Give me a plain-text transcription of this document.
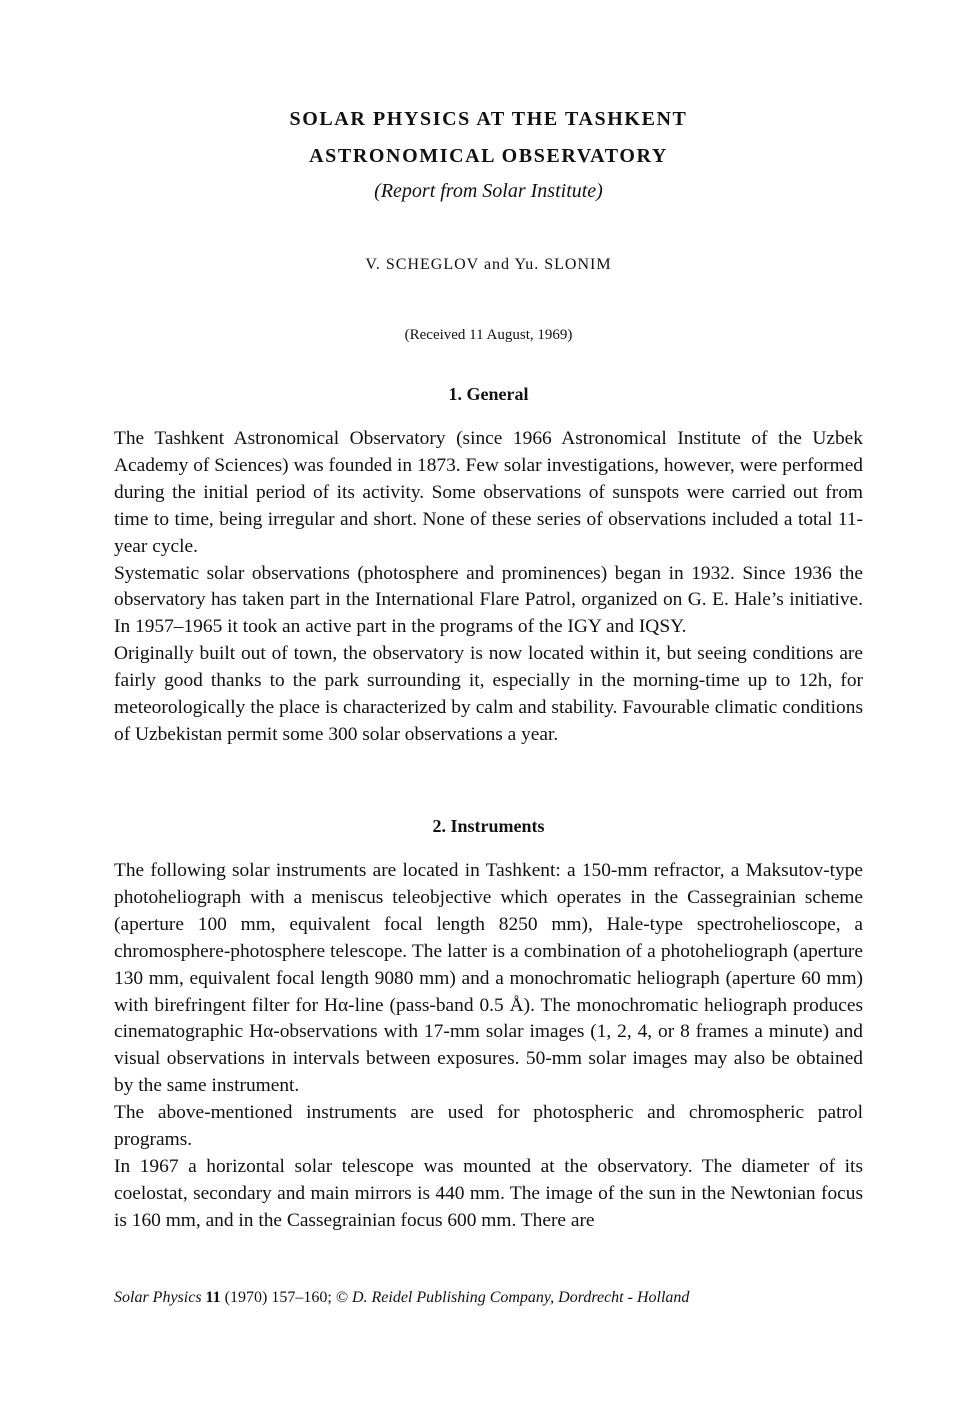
SOLAR PHYSICS AT THE TASHKENT
ASTRONOMICAL OBSERVATORY
(Report from Solar Institute)
V. SCHEGLOV and Yu. SLONIM
(Received 11 August, 1969)
1. General

The Tashkent Astronomical Observatory (since 1966 Astronomical Institute of the Uzbek Academy of Sciences) was founded in 1873. Few solar investigations, however, were performed during the initial period of its activity. Some observations of sunspots were carried out from time to time, being irregular and short. None of these series of observations included a total 11-year cycle.

Systematic solar observations (photosphere and prominences) began in 1932. Since 1936 the observatory has taken part in the International Flare Patrol, organized on G. E. Hale’s initiative. In 1957–1965 it took an active part in the programs of the IGY and IQSY.

Originally built out of town, the observatory is now located within it, but seeing conditions are fairly good thanks to the park surrounding it, especially in the morning-time up to 12h, for meteorologically the place is characterized by calm and stability. Favourable climatic conditions of Uzbekistan permit some 300 solar observations a year.

2. Instruments

The following solar instruments are located in Tashkent: a 150-mm refractor, a Maksutov-type photoheliograph with a meniscus teleobjective which operates in the Cassegrainian scheme (aperture 100 mm, equivalent focal length 8250 mm), Hale-type spectrohelioscope, a chromosphere-photosphere telescope. The latter is a combination of a photoheliograph (aperture 130 mm, equivalent focal length 9080 mm) and a monochromatic heliograph (aperture 60 mm) with birefringent filter for Hα-line (pass-band 0.5 Å). The monochromatic heliograph produces cinematographic Hα-observations with 17-mm solar images (1, 2, 4, or 8 frames a minute) and visual observations in intervals between exposures. 50-mm solar images may also be obtained by the same instrument.

The above-mentioned instruments are used for photospheric and chromospheric patrol programs.

In 1967 a horizontal solar telescope was mounted at the observatory. The diameter of its coelostat, secondary and main mirrors is 440 mm. The image of the sun in the Newtonian focus is 160 mm, and in the Cassegrainian focus 600 mm. There are

Solar Physics 11 (1970) 157–160; © D. Reidel Publishing Company, Dordrecht - Holland
